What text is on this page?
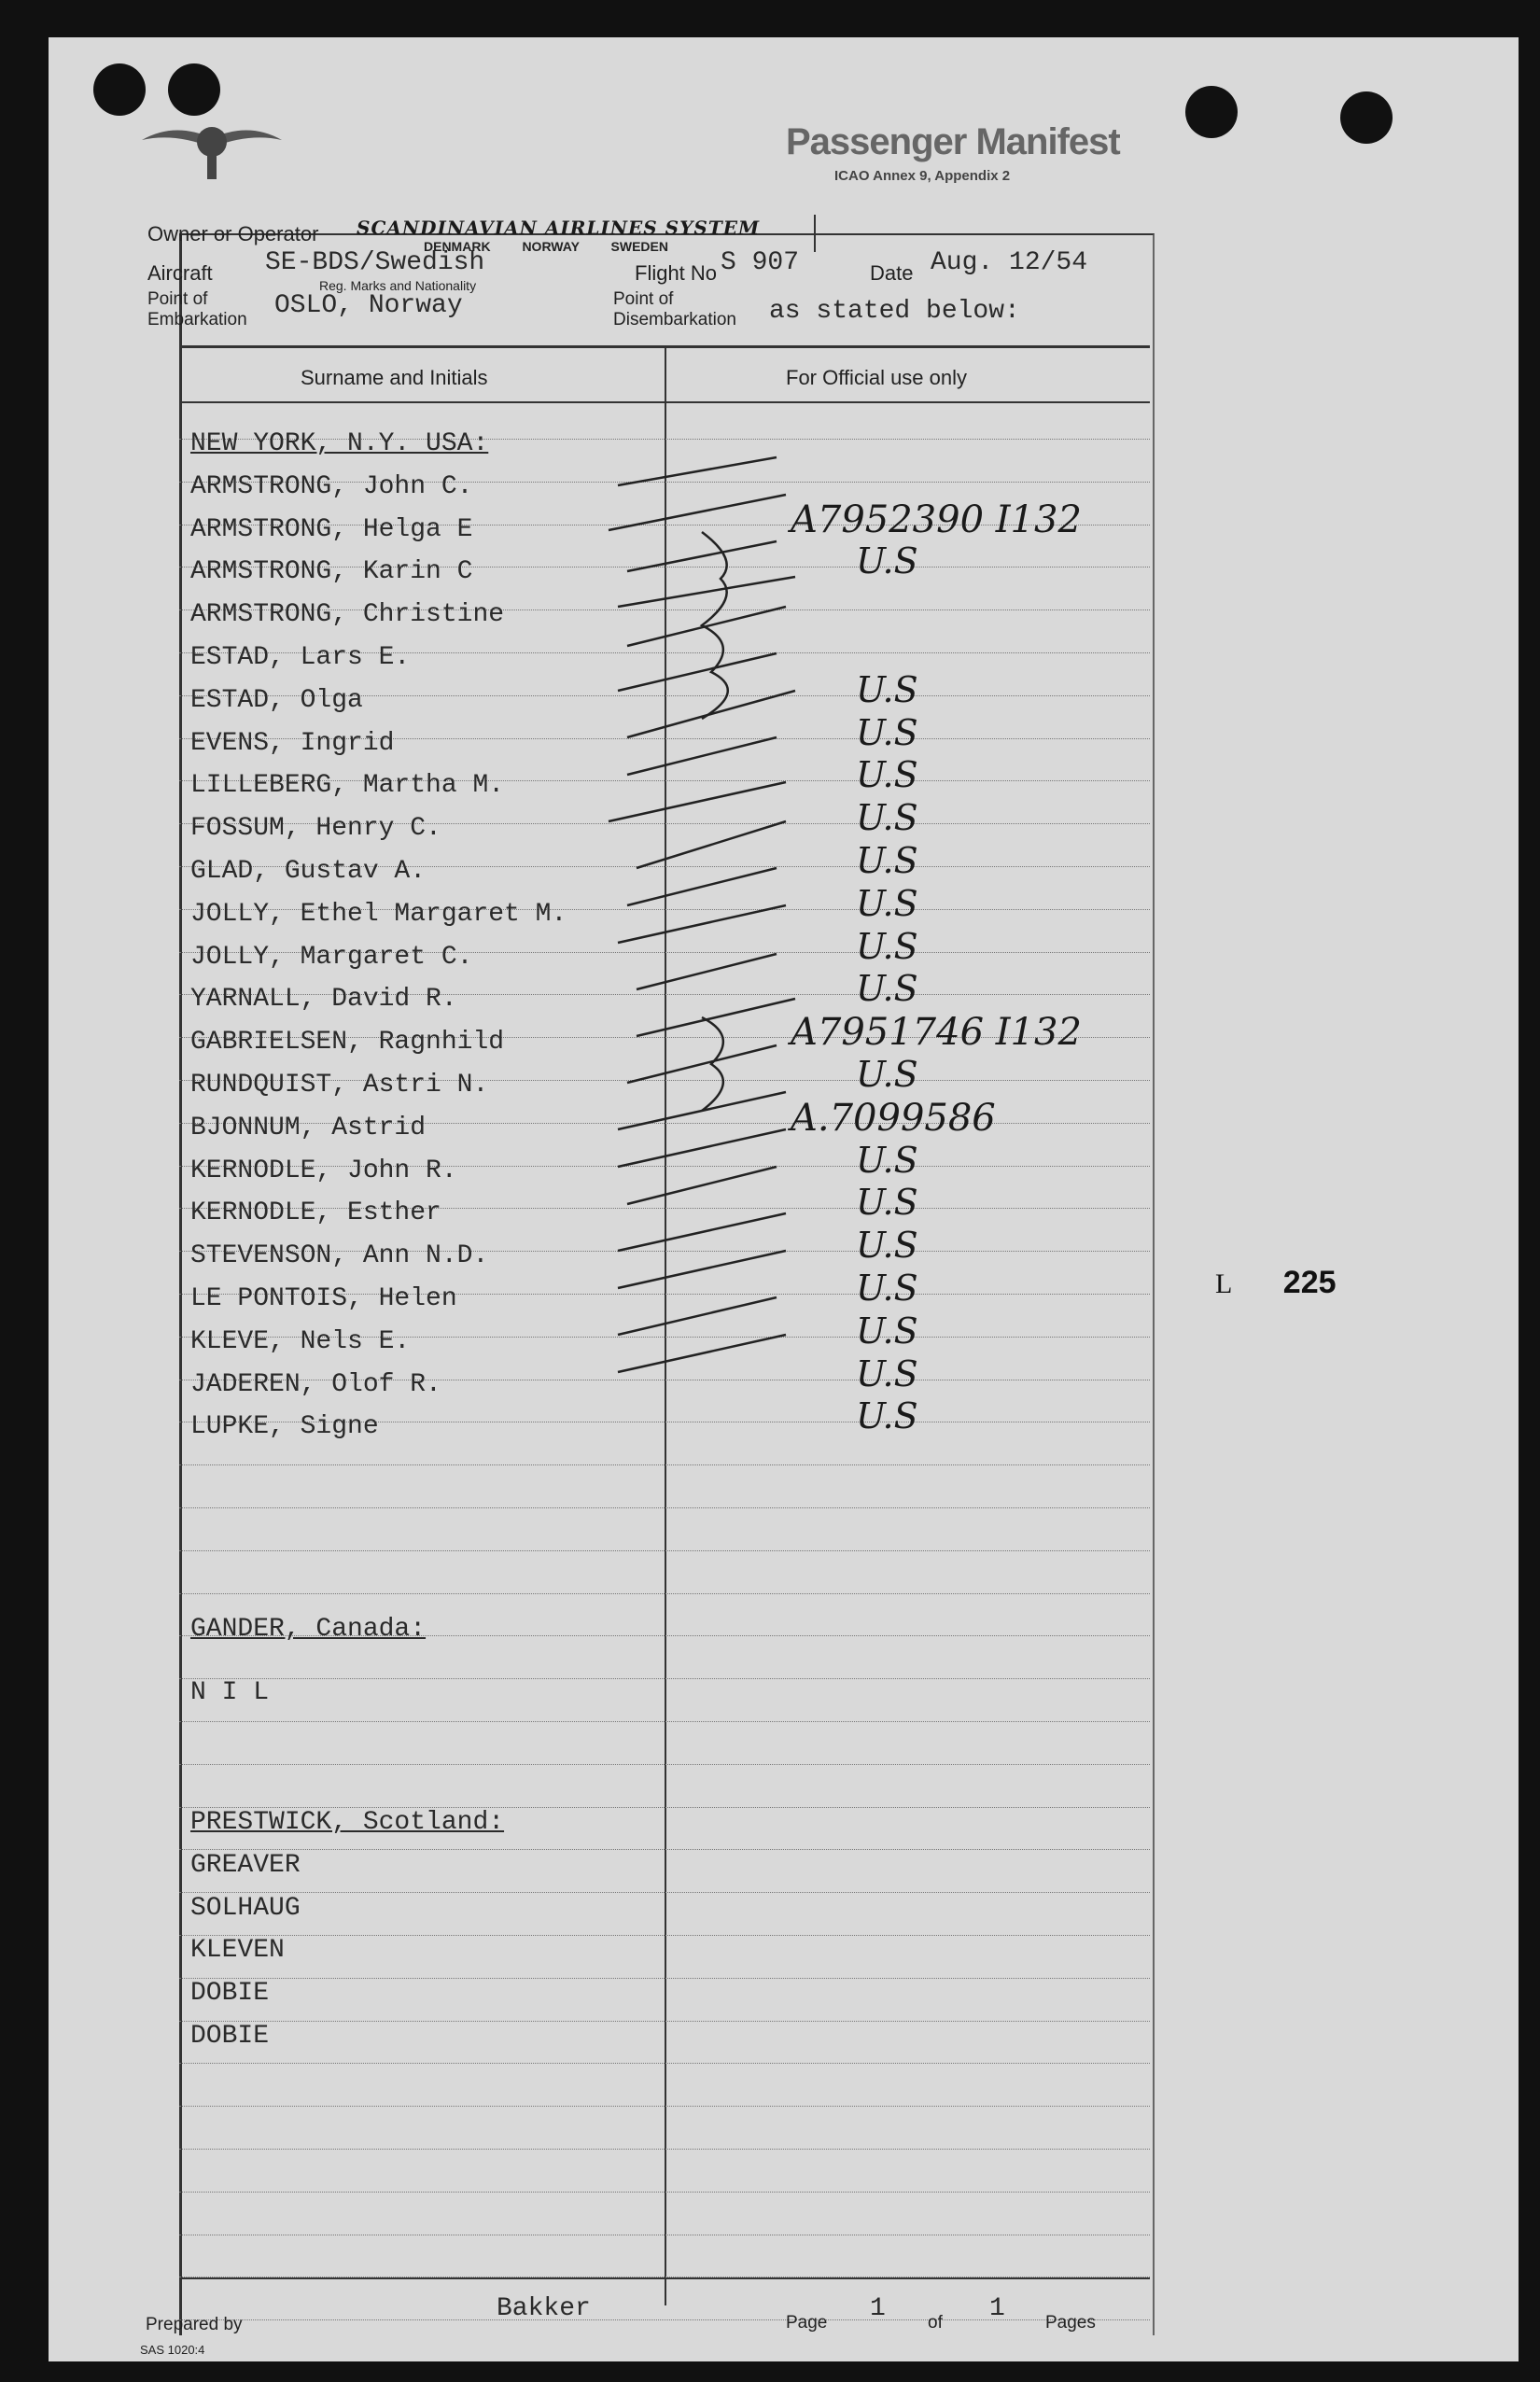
Passenger Manifest
ICAO Annex 9, Appendix 2
Owner or Operator SCANDINAVIAN AIRLINES SYSTEM
DENMARK NORWAY SWEDEN
Aircraft SE-BDS/Swedish
Reg. Marks and Nationality
Flight No S 907	Date Aug. 12/54
Point of
Embarkation OSLO, Norway	Point of
Disembarkation as stated below:
Surname and Initials	For Official use only
NEW YORK, N.Y. USA:
ARMSTRONG, John C.
ARMSTRONG, Helga E	A7952390 I132
ARMSTRONG, Karin C	U.S
ARMSTRONG, Christine
ESTAD, Lars E.
ESTAD, Olga	U.S
EVENS, Ingrid	U.S
LILLEBERG, Martha M.	U.S
FOSSUM, Henry C.	U.S
GLAD, Gustav A.	U.S
JOLLY, Ethel Margaret M.	U.S
JOLLY, Margaret C.	U.S
YARNALL, David R.	U.S
GABRIELSEN, Ragnhild	A7951746 I132
RUNDQUIST, Astri N.	U.S
BJONNUM, Astrid	A.7099586
KERNODLE, John R.	U.S
KERNODLE, Esther	U.S
STEVENSON, Ann N.D.	U.S
LE PONTOIS, Helen	U.S
KLEVE, Nels E.	U.S
JADEREN, Olof R.	U.S
LUPKE, Signe	U.S
GANDER, Canada:
N I L
PRESTWICK, Scotland:
GREAVER
SOLHAUG
KLEVEN
DOBIE
DOBIE
L 225
Prepared by
Bakker	Page 1 of 1 Pages
SAS 1020:4
